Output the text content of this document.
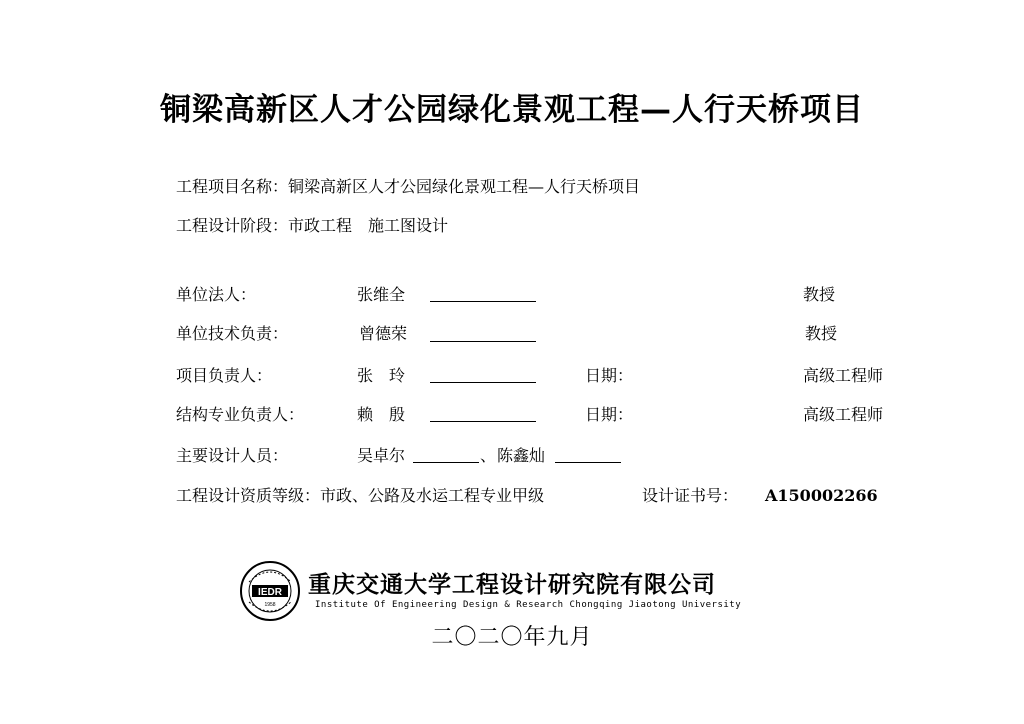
铜梁高新区人才公园绿化景观工程—人行天桥项目
工程项目名称：铜梁高新区人才公园绿化景观工程—人行天桥项目
工程设计阶段：市政工程　施工图设计
单位法人：	张维全	教授
单位技术负责：	曾德荣	教授
项目负责人：	张　玲	日期：	高级工程师
结构专业负责人：	赖　殷	日期：	高级工程师
主要设计人员：	吴卓尔	、 陈鑫灿
工程设计资质等级：市政、公路及水运工程专业甲级	设计证书号： A150002266
IEDR
1958
重庆交通大学工程设计研究院有限公司
Institute Of Engineering Design & Research Chongqing Jiaotong University
二〇二〇年九月
